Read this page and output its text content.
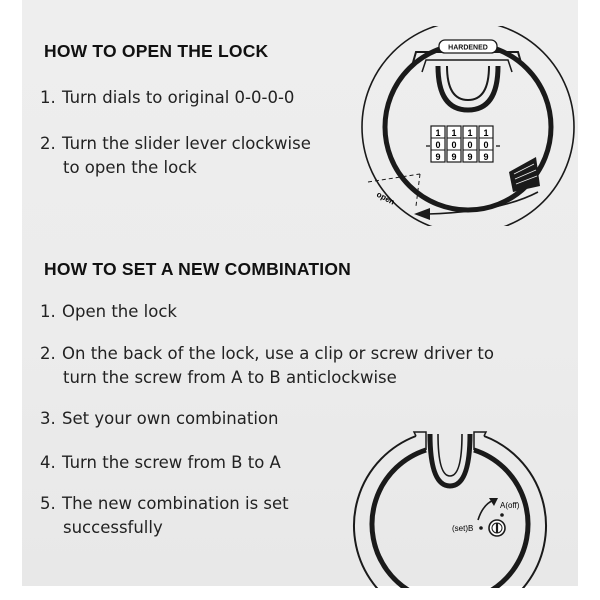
HOW TO OPEN THE LOCK

1. Turn dials to original 0-0-0-0

2. Turn the slider lever clockwise
to open the lock

HOW TO SET A NEW COMBINATION

1. Open the lock

2. On the back of the lock, use a clip or screw driver to
turn the screw from A to B anticlockwise

3. Set your own combination

4. Turn the screw from B to A

5. The new combination is set
successfully

HARDENED
1
0
9
1
0
9
1
0
9
1
0
9
open
A(off)
(set)B
